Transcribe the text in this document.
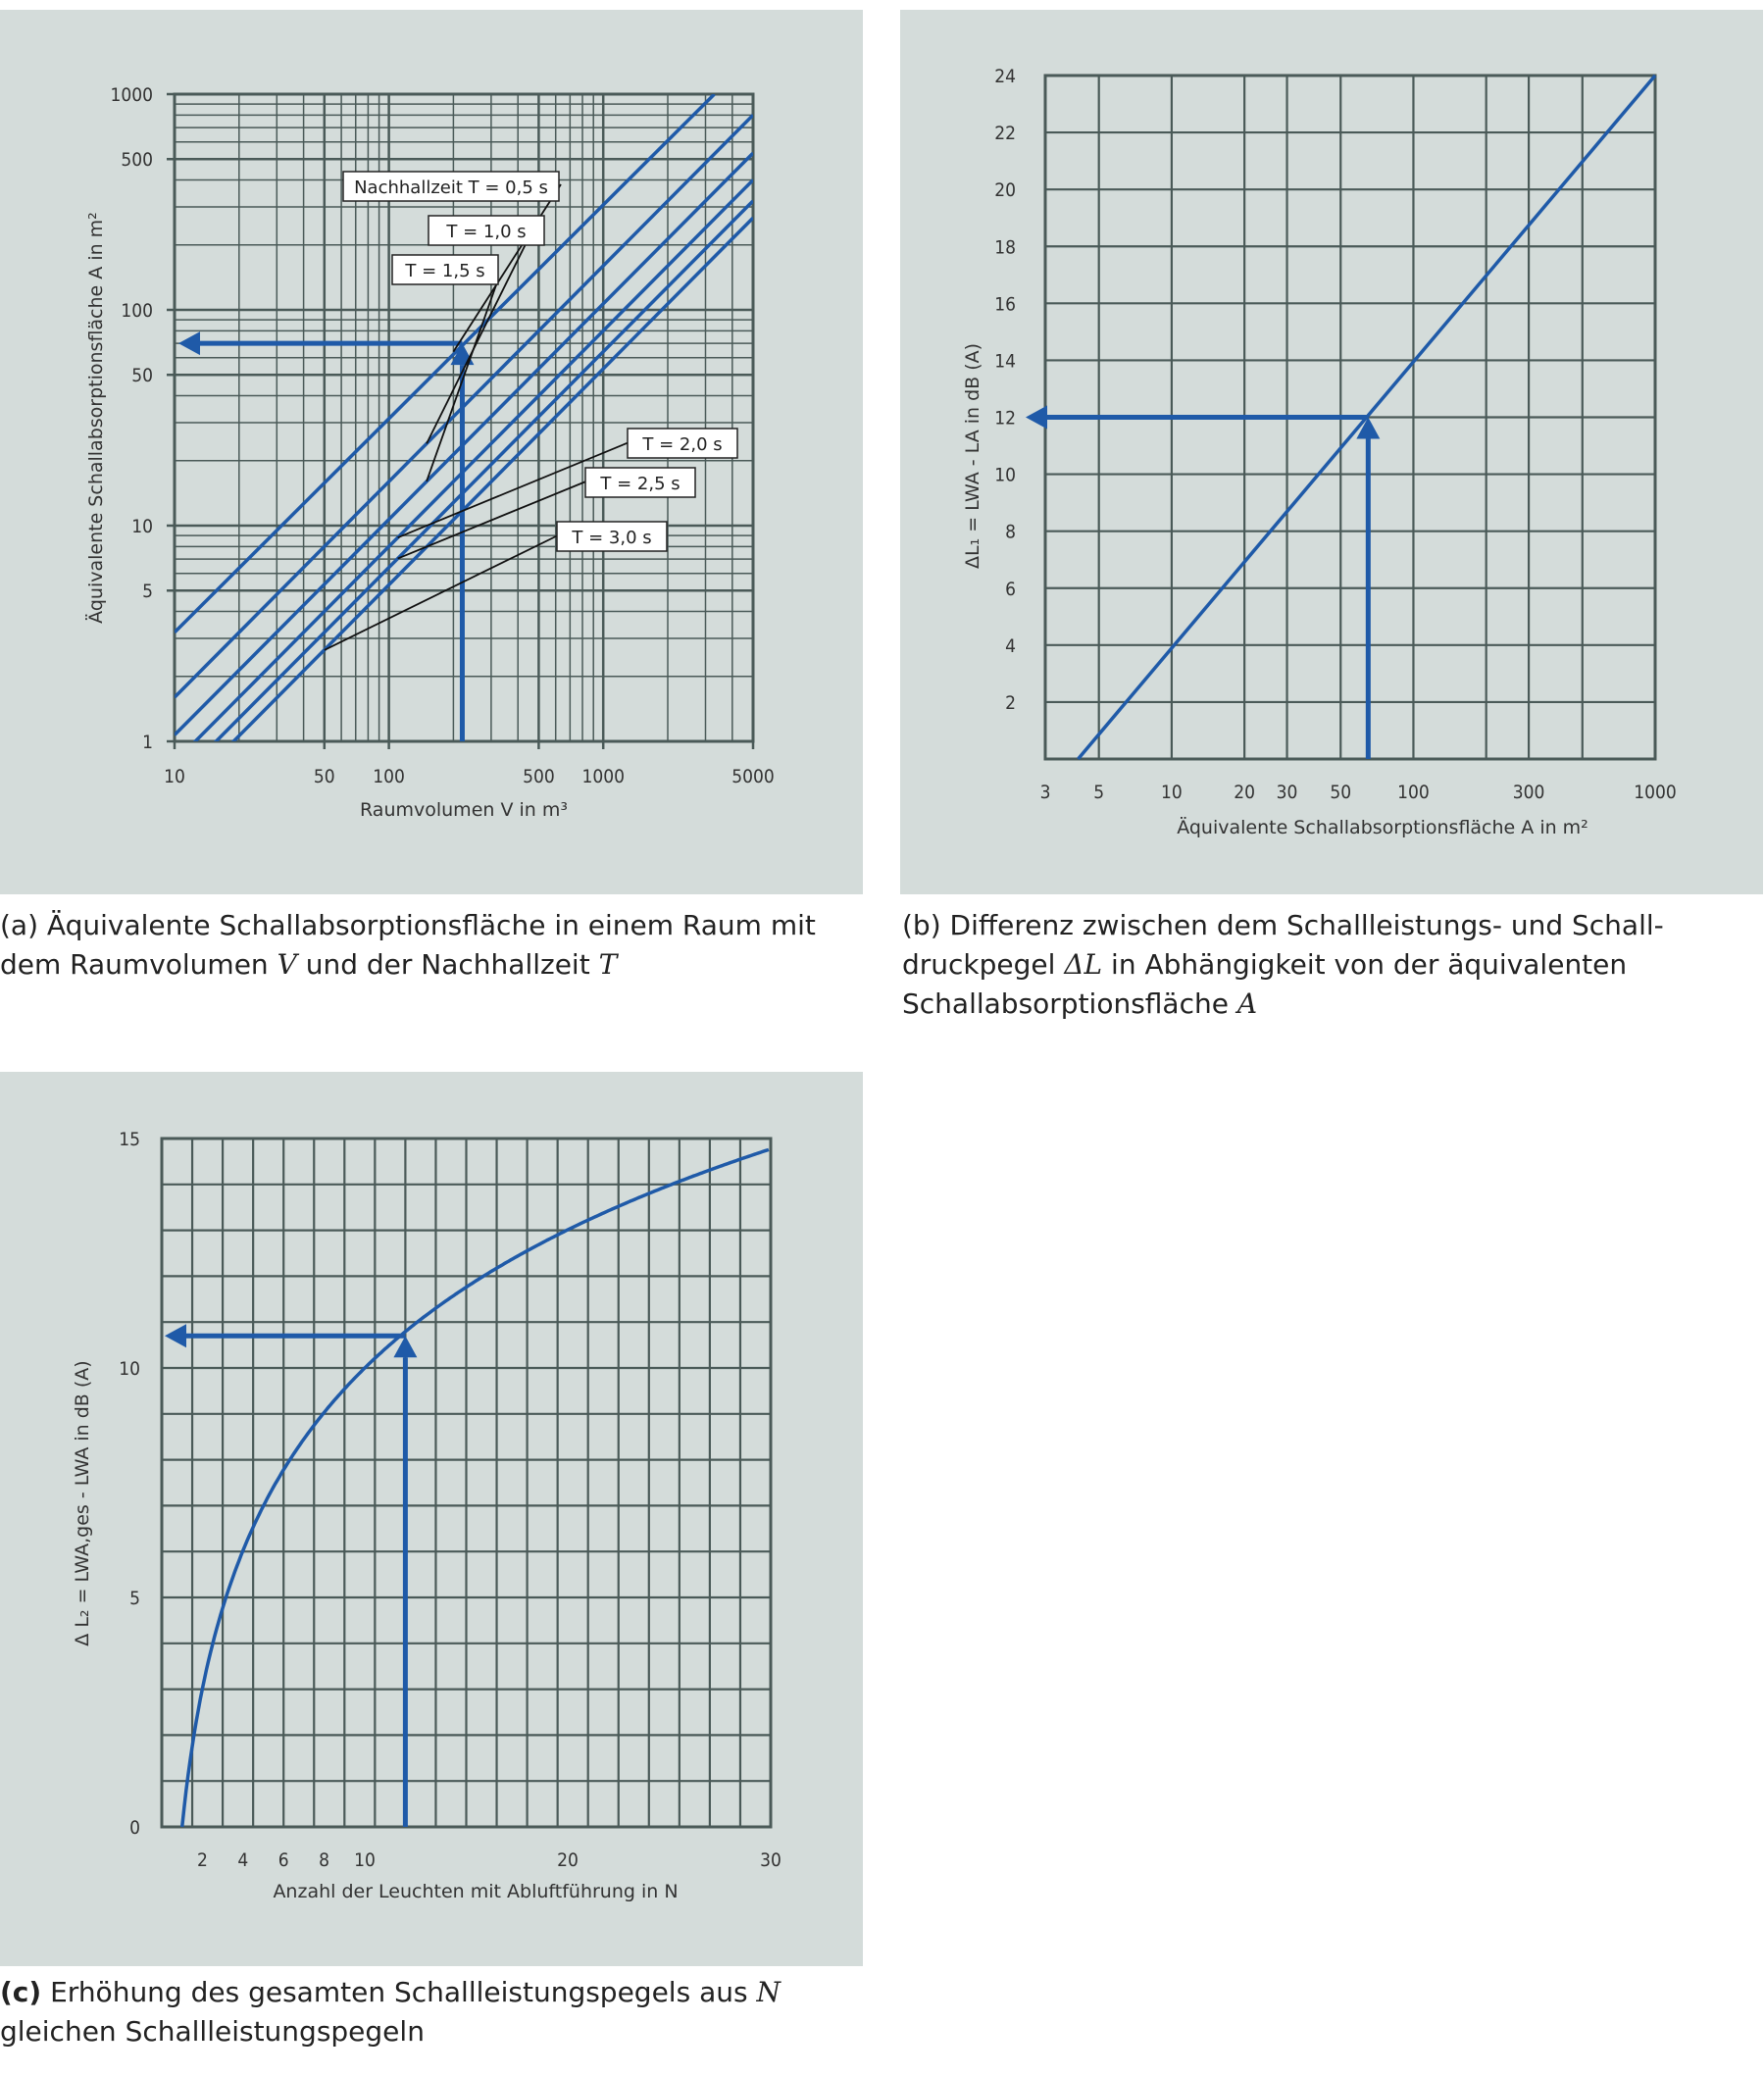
10	50 100	500 1000	5000
1
5
10
50
100
500
1000
Nachhallzeit T = 0,5 s
T = 1,0 s
T = 1,5 s
T = 2,0 s
T = 2,5 s
T = 3,0 s
Raumvolumen V in m³
Äquivalente Schallabsorptionsfläche A in m²
3 5	10	20 30 50 100	300	1000
2
4
6
8
10
12
14
16
18
20
22
24
Äquivalente Schallabsorptionsfläche A in m²
ΔL₁ = LWA - LA in dB (A)
2 4 6 8 10	20	30
0
5
10
15
Anzahl der Leuchten mit Abluftführung in N
Δ L₂ = LWA,ges - LWA in dB (A)
(a) Äquivalente Schallabsorptionsfläche in einem Raum mit
dem Raumvolumen V und der Nachhallzeit T
(b) Differenz zwischen dem Schallleistungs- und Schall-
druckpegel ΔL in Abhängigkeit von der äquivalenten
Schallabsorptionsfläche A
(c) Erhöhung des gesamten Schallleistungspegels aus N
gleichen Schallleistungspegeln
